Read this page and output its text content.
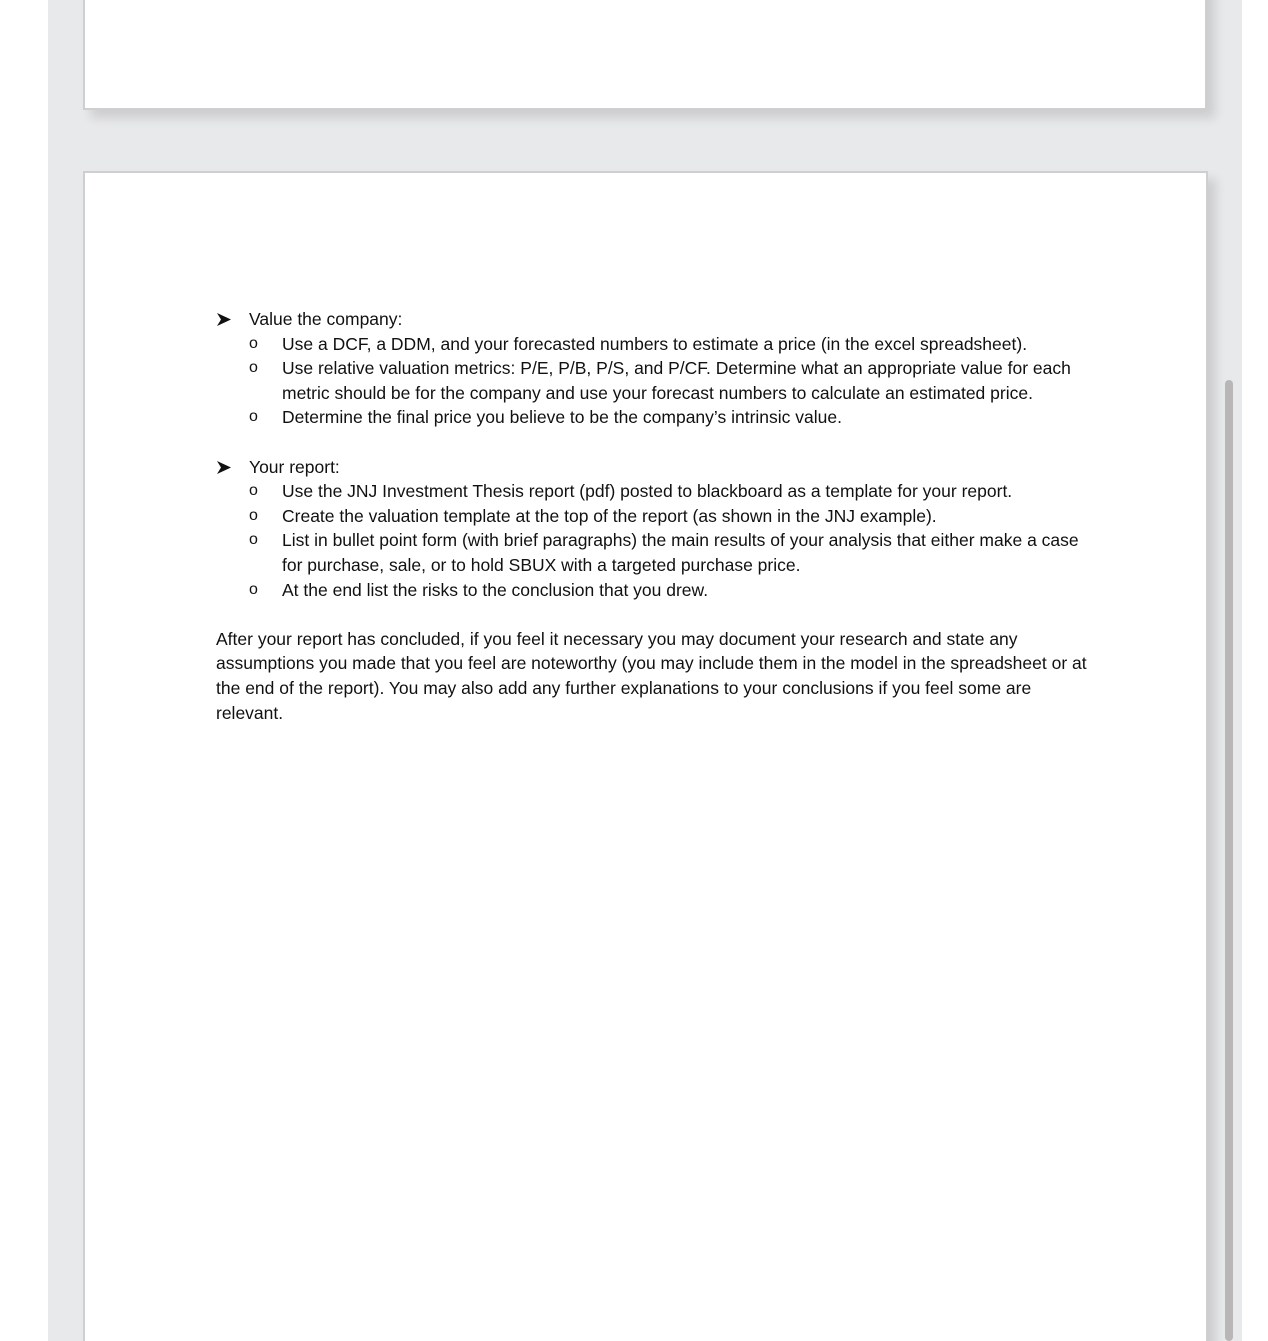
Value the company:
o Use a DCF, a DDM, and your forecasted numbers to estimate a price (in the excel spreadsheet).
o Use relative valuation metrics: P/E, P/B, P/S, and P/CF. Determine what an appropriate value for each metric should be for the company and use your forecast numbers to calculate an estimated price.
o Determine the final price you believe to be the company’s intrinsic value.
Your report:
o Use the JNJ Investment Thesis report (pdf) posted to blackboard as a template for your report.
o Create the valuation template at the top of the report (as shown in the JNJ example).
o List in bullet point form (with brief paragraphs) the main results of your analysis that either make a case for purchase, sale, or to hold SBUX with a targeted purchase price.
o At the end list the risks to the conclusion that you drew.

After your report has concluded, if you feel it necessary you may document your research and state any assumptions you made that you feel are noteworthy (you may include them in the model in the spreadsheet or at the end of the report). You may also add any further explanations to your conclusions if you feel some are relevant.
